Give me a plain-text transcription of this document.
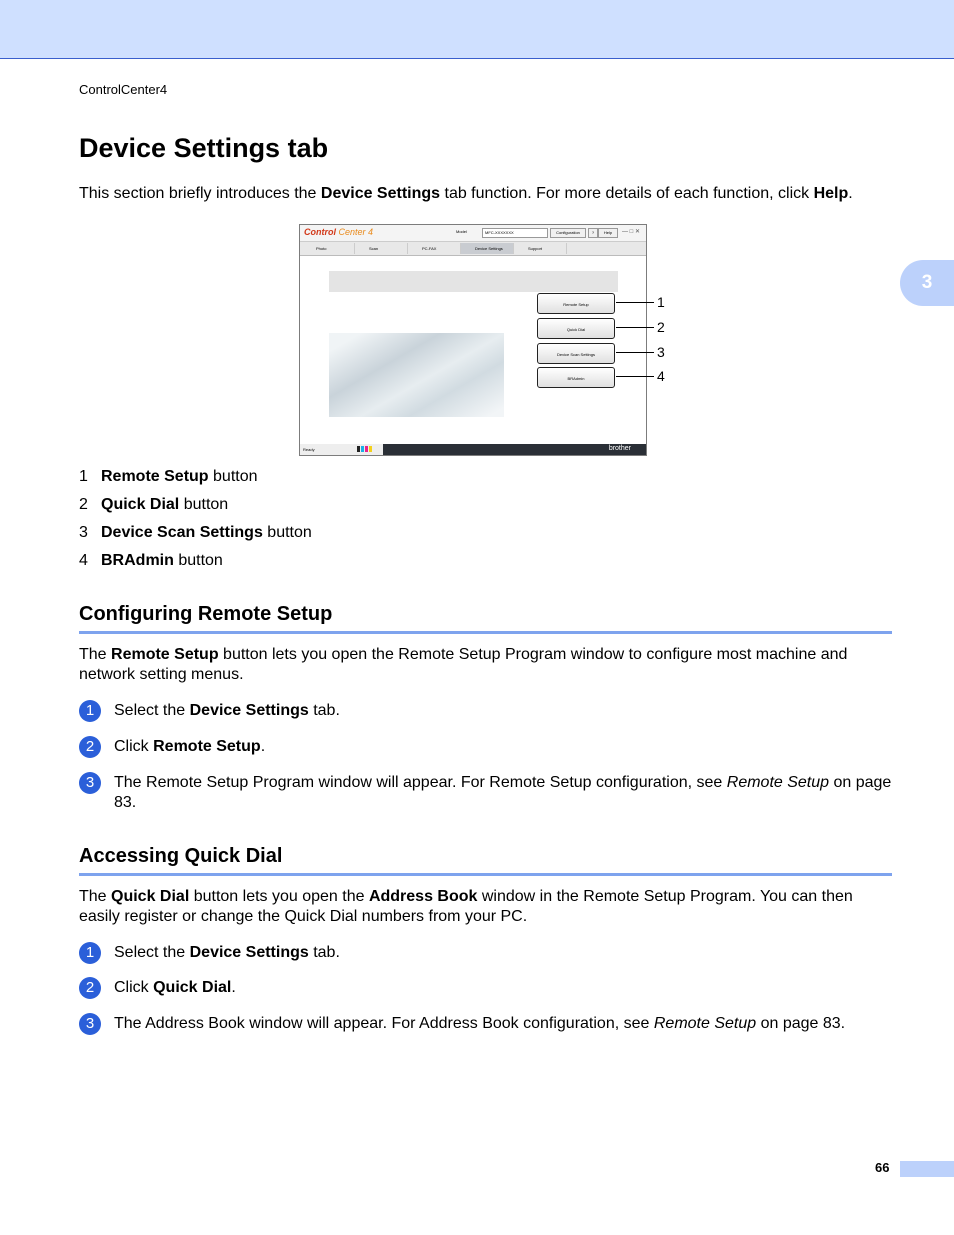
ControlCenter4
3
Device Settings tab

This section briefly introduces the Device Settings tab function. For more details of each function, click Help.

Control Center 4	Model	MFC-XXXXXXX	Configuration	?	Help	— □ ✕
Photo	Scan	PC-FAX	Device Settings	Support
Remote Setup
Quick Dial
Device Scan Settings
BRAdmin
Ready	brother
1
2
3
4
1 Remote Setup button
2 Quick Dial button
3 Device Scan Settings button
4 BRAdmin button
Configuring Remote Setup

The Remote Setup button lets you open the Remote Setup Program window to configure most machine and network setting menus.

1	Select the Device Settings tab.
2	Click Remote Setup.
3	The Remote Setup Program window will appear. For Remote Setup configuration, see Remote Setup on page 83.
Accessing Quick Dial

The Quick Dial button lets you open the Address Book window in the Remote Setup Program. You can then easily register or change the Quick Dial numbers from your PC.

1	Select the Device Settings tab.
2	Click Quick Dial.
3	The Address Book window will appear. For Address Book configuration, see Remote Setup on page 83.
66
